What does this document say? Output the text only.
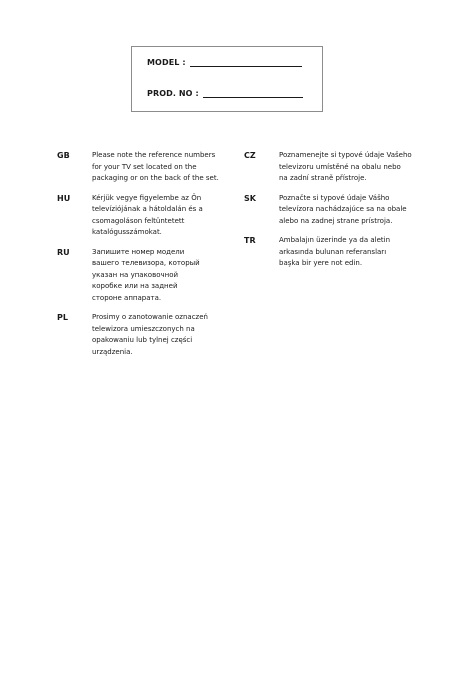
MODEL :
PROD. NO :
GB	Please note the reference numbers
for your TV set located on the
packaging or on the back of the set.
HU	Kérjük vegye figyelembe az Ön
televíziójának a hátoldalán és a
csomagoláson feltüntetett
katalógusszámokat.
RU	Запишите номер модели
вашего телевизора, который
указан на упаковочной
коробке или на задней
стороне аппарата.
PL	Prosimy o zanotowanie oznaczeń
telewizora umieszczonych na
opakowaniu lub tylnej części
urządzenia.
CZ	Poznamenejte si typové údaje Vašeho
televizoru umístěné na obalu nebo
na zadní straně přístroje.
SK	Poznačte si typové údaje Vášho
televízora nachádzajúce sa na obale
alebo na zadnej strane prístroja.
TR	Ambalajın üzerinde ya da aletin
arkasında bulunan referansları
başka bir yere not edin.
